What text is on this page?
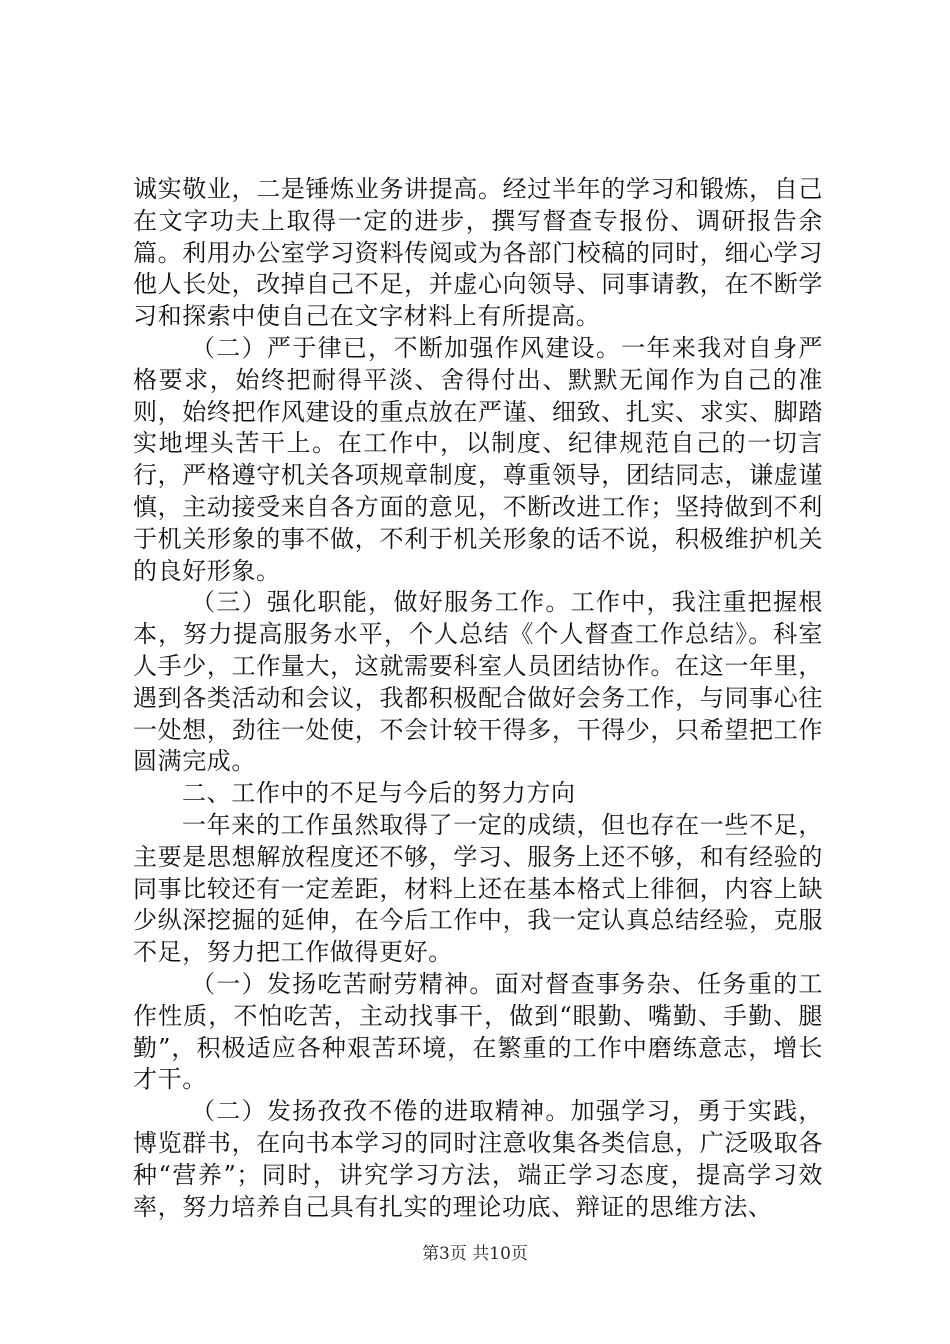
诚实敬业，二是锤炼业务讲提高。经过半年的学习和锻炼，自己在文字功夫上取得一定的进步，撰写督查专报份、调研报告余篇。利用办公室学习资料传阅或为各部门校稿的同时，细心学习他人长处，改掉自己不足，并虚心向领导、同事请教，在不断学习和探索中使自己在文字材料上有所提高。

（二）严于律已，不断加强作风建设。一年来我对自身严格要求，始终把耐得平淡、舍得付出、默默无闻作为自己的准则，始终把作风建设的重点放在严谨、细致、扎实、求实、脚踏实地埋头苦干上。在工作中，以制度、纪律规范自己的一切言行，严格遵守机关各项规章制度，尊重领导，团结同志，谦虚谨慎，主动接受来自各方面的意见，不断改进工作；坚持做到不利于机关形象的事不做，不利于机关形象的话不说，积极维护机关的良好形象。

（三）强化职能，做好服务工作。工作中，我注重把握根本，努力提高服务水平，个人总结《个人督查工作总结》。科室人手少，工作量大，这就需要科室人员团结协作。在这一年里，遇到各类活动和会议，我都积极配合做好会务工作，与同事心往一处想，劲往一处使，不会计较干得多，干得少，只希望把工作圆满完成。

二、工作中的不足与今后的努力方向

一年来的工作虽然取得了一定的成绩，但也存在一些不足，主要是思想解放程度还不够，学习、服务上还不够，和有经验的同事比较还有一定差距，材料上还在基本格式上徘徊，内容上缺少纵深挖掘的延伸，在今后工作中，我一定认真总结经验，克服不足，努力把工作做得更好。

（一）发扬吃苦耐劳精神。面对督查事务杂、任务重的工作性质，不怕吃苦，主动找事干，做到“眼勤、嘴勤、手勤、腿勤”，积极适应各种艰苦环境，在繁重的工作中磨练意志，增长才干。

（二）发扬孜孜不倦的进取精神。加强学习，勇于实践，博览群书，在向书本学习的同时注意收集各类信息，广泛吸取各种“营养”；同时，讲究学习方法，端正学习态度，提高学习效率，努力培养自己具有扎实的理论功底、辩证的思维方法、

第3页 共10页
